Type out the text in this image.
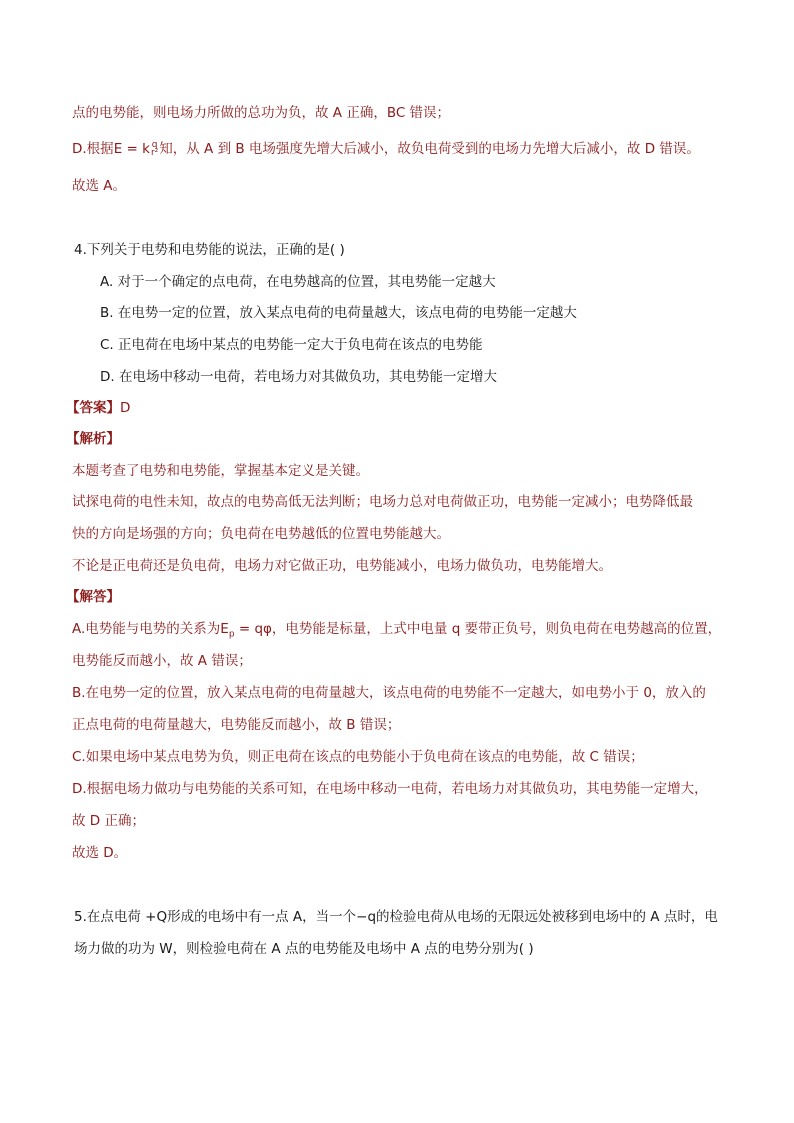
点的电势能，则电场力所做的总功为负，故 A 正确，BC 错误；
D.根据E = k q
r² 知，从 A 到 B 电场强度先增大后减小，故负电荷受到的电场力先增大后减小，故 D 错误。
故选 A。
4.下列关于电势和电势能的说法，正确的是( )
A. 对于一个确定的点电荷，在电势越高的位置，其电势能一定越大
B. 在电势一定的位置，放入某点电荷的电荷量越大，该点电荷的电势能一定越大
C. 正电荷在电场中某点的电势能一定大于负电荷在该点的电势能
D. 在电场中移动一电荷，若电场力对其做负功，其电势能一定增大
【答案】D
【解析】
本题考查了电势和电势能，掌握基本定义是关键。
试探电荷的电性未知，故点的电势高低无法判断；电场力总对电荷做正功，电势能一定减小；电势降低最
快的方向是场强的方向；负电荷在电势越低的位置电势能越大。
不论是正电荷还是负电荷，电场力对它做正功，电势能减小，电场力做负功，电势能增大。
【解答】
A.电势能与电势的关系为$E_p = q\varphi$，电势能是标量，上式中电量 q 要带正负号，则负电荷在电势越高的位置，
电势能反而越小，故 A 错误；
B.在电势一定的位置，放入某点电荷的电荷量越大，该点电荷的电势能不一定越大，如电势小于 0，放入的
正点电荷的电荷量越大，电势能反而越小，故 B 错误；
C.如果电场中某点电势为负，则正电荷在该点的电势能小于负电荷在该点的电势能，故 C 错误；
D.根据电场力做功与电势能的关系可知，在电场中移动一电荷，若电场力对其做负功，其电势能一定增大，
故 D 正确；
故选 D。
5.在点电荷 +Q形成的电场中有一点 A，当一个−q的检验电荷从电场的无限远处被移到电场中的 A 点时，电
场力做的功为 W，则检验电荷在 A 点的电势能及电场中 A 点的电势分别为( )
